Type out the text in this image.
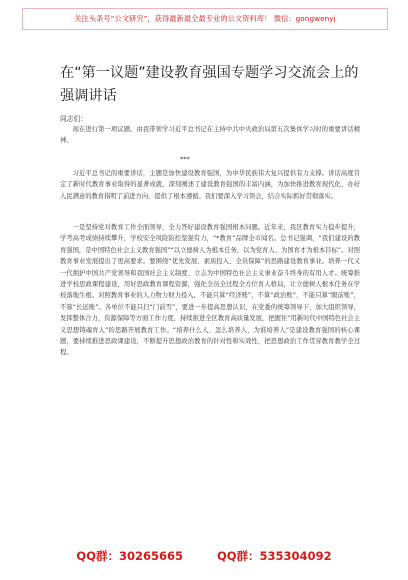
关注头条号“公文研究”，获得最新最全最专业的公文资料库！ 微信：gongwenyj
在“第一议题”建设教育强国专题学习交流会上的强调讲话
同志们：

现在进行第一项议题。由我带领学习近平总书记在主持中共中央政治局第五次集体学习时的重要讲话精神。

***

习近平总书记的重要讲话，主题是加快建设教育强国，为中华民族伟大复兴提供有力支撑。讲话高度肯定了新时代教育事业取得的显著成就，深刻阐述了建设教育强国的丰富内涵，为加快推进教育现代化、办好人民满意的教育指明了前进方向，提供了根本遵循。我们要深入学习领会，结合实际抓好贯彻落实。

一是坚持党对教育工作全面领导，全力答好建设教育强国根本问题。近年来，我区教育实力稳步提升，学考高考成绩持续攀升，学校安全风险防控坚强有力，“*教育”品牌全市闻名。总书记强调，“我们建设的教育强国，是中国特色社会主义教育强国”“以立德树人为根本任务，以为党育人、为国育才为根本目标”。对照教育事业发展提出了更高要求。要围绕“优先发展、素质投入、全员保障”的思路建设教育事业。培养一代又一代拥护中国共产党领导和我国社会主义制度、立志为中国特色社会主义事业奋斗终身的有用人才。统筹推进学校思政课程建设，用好思政教育课程资源，强化全员全过程全方位育人格局，让立德树人根本任务在学校落地生根。对照教育事业的人力物力财力投入，不能只算“经济账”，不算“政治账”，不能只算“眼前账”，不算“长远账”。各单位不能只扫“门前雪”，要进一步提高思想认识，在党委的统筹领导下，加大组织领导，发挥整体合力，资源保障等方面工作力度，持续推进全区教育高质量发展，把握住“用新时代中国特色社会主义思想铸魂育人”的思路开展教育工作。“培养什么人、怎么培养人、为谁培养人”是建设教育强国的核心课题，要持续推进思政课建设，不断提升思想政治教育的针对性和实效性，把思想政治工作贯穿教育教学全过程。

QQ群：30265665	QQ群：535304092
